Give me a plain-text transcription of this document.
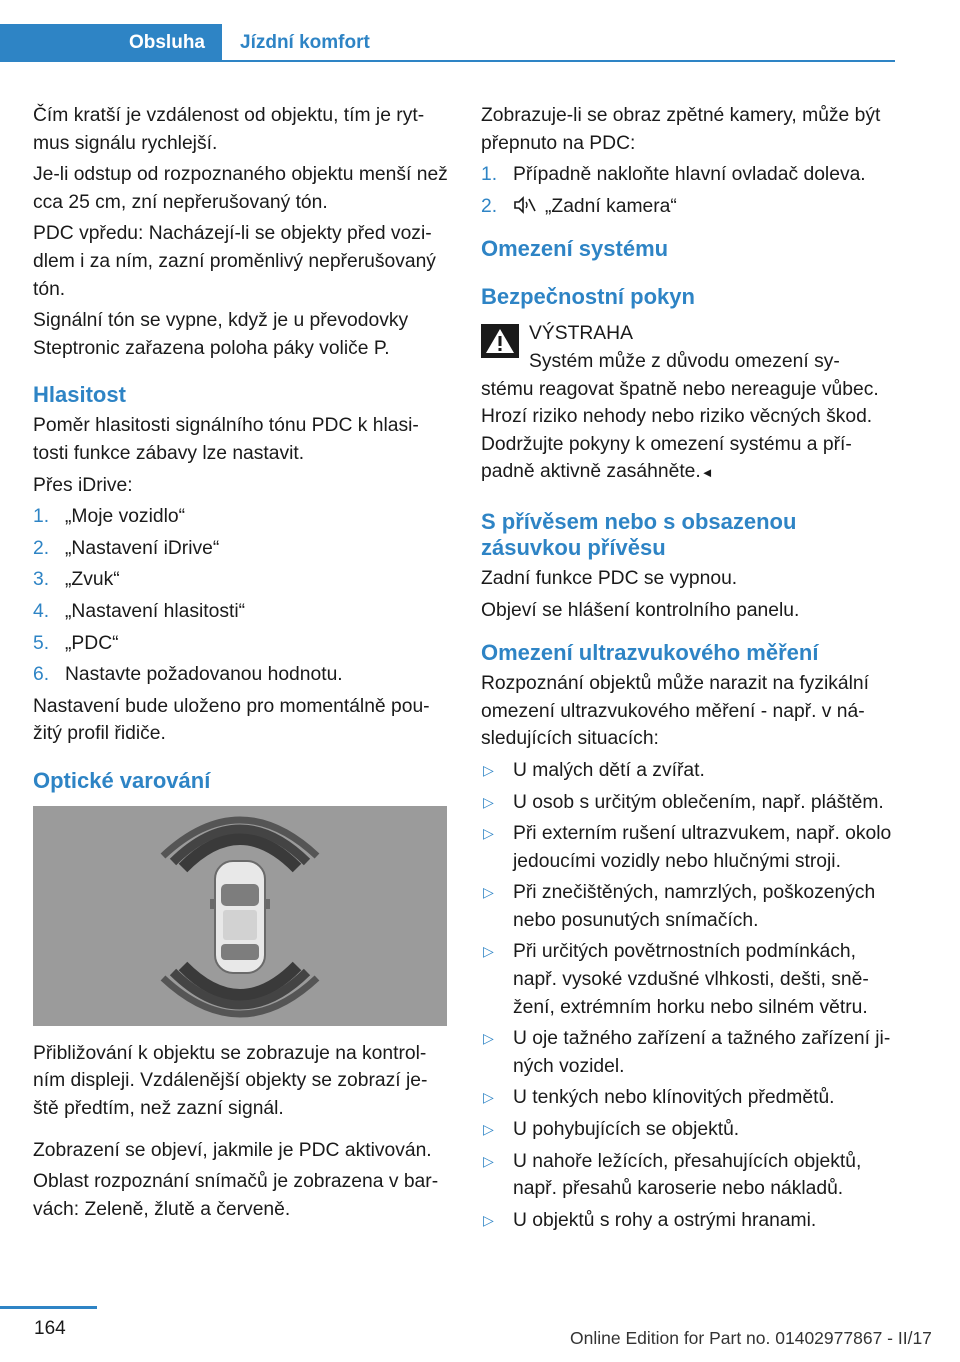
Obsluha	Jízdní komfort

Čím kratší je vzdálenost od objektu, tím je ryt-mus signálu rychlejší.

Je-li odstup od rozpoznaného objektu menší než cca 25 cm, zní nepřerušovaný tón.

PDC vpředu: Nacházejí-li se objekty před vozi-dlem i za ním, zazní proměnlivý nepřerušovaný tón.

Signální tón se vypne, když je u převodovky Steptronic zařazena poloha páky voliče P.

Hlasitost

Poměr hlasitosti signálního tónu PDC k hlasi-tosti funkce zábavy lze nastavit.

Přes iDrive:

1. „Moje vozidlo“
2. „Nastavení iDrive“
3. „Zvuk“
4. „Nastavení hlasitosti“
5. „PDC“
6. Nastavte požadovanou hodnotu.

Nastavení bude uloženo pro momentálně pou-žitý profil řidiče.

Optické varování

Přibližování k objektu se zobrazuje na kontrol-ním displeji. Vzdálenější objekty se zobrazí je-ště předtím, než zazní signál.

Zobrazení se objeví, jakmile je PDC aktivován.

Oblast rozpoznání snímačů je zobrazena v bar-vách: Zeleně, žlutě a červeně.

Zobrazuje-li se obraz zpětné kamery, může být přepnuto na PDC:

1. Případně nakloňte hlavní ovladač doleva.
2. „Zadní kamera“
Omezení systému
Bezpečnostní pokyn
VÝSTRAHA
Systém může z důvodu omezení sy-
stému reagovat špatně nebo nereaguje vůbec. Hrozí riziko nehody nebo riziko věcných škod. Dodržujte pokyny k omezení systému a pří-padně aktivně zasáhněte.◄
S přívěsem nebo s obsazenou zásuvkou přívěsu

Zadní funkce PDC se vypnou.

Objeví se hlášení kontrolního panelu.

Omezení ultrazvukového měření

Rozpoznání objektů může narazit na fyzikální omezení ultrazvukového měření - např. v ná-sledujících situacích:

▷ U malých dětí a zvířat.
▷ U osob s určitým oblečením, např. pláštěm.
▷ Při externím rušení ultrazvukem, např. okolo jedoucími vozidly nebo hlučnými stroji.
▷ Při znečištěných, namrzlých, poškozených nebo posunutých snímačích.
▷ Při určitých povětrnostních podmínkách, např. vysoké vzdušné vlhkosti, dešti, sně-žení, extrémním horku nebo silném větru.
▷ U oje tažného zařízení a tažného zařízení ji-ných vozidel.
▷ U tenkých nebo klínovitých předmětů.
▷ U pohybujících se objektů.
▷ U nahoře ležících, přesahujících objektů, např. přesahů karoserie nebo nákladů.
▷ U objektů s rohy a ostrými hranami.
164	Online Edition for Part no. 01402977867 - II/17
